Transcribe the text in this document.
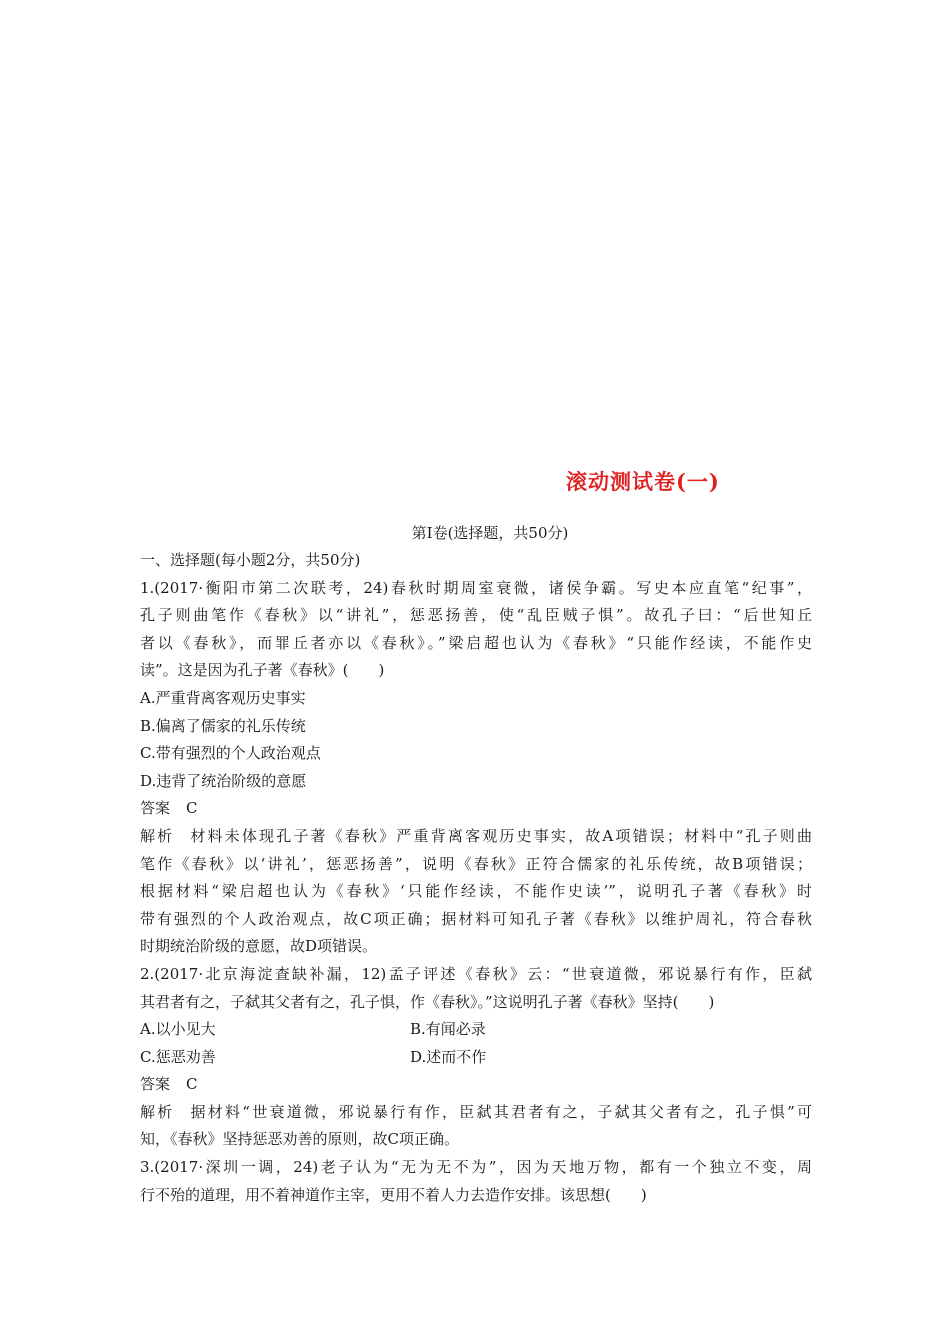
滚动测试卷(一)
第Ⅰ卷(选择题，共50分)
一、选择题(每小题2分，共50分)
1.(2017·衡阳市第二次联考，24)春秋时期周室衰微，诸侯争霸。写史本应直笔“纪事”，
孔子则曲笔作《春秋》以“讲礼”，惩恶扬善，使“乱臣贼子惧”。故孔子曰：“后世知丘
者以《春秋》，而罪丘者亦以《春秋》。”梁启超也认为《春秋》“只能作经读，不能作史
读”。这是因为孔子著《春秋》(　　)
A.严重背离客观历史事实
B.偏离了儒家的礼乐传统
C.带有强烈的个人政治观点
D.违背了统治阶级的意愿
答案 C
解析 材料未体现孔子著《春秋》严重背离客观历史事实，故A项错误；材料中“孔子则曲
笔作《春秋》以‘讲礼’，惩恶扬善”，说明《春秋》正符合儒家的礼乐传统，故B项错误；
根据材料“梁启超也认为《春秋》‘只能作经读，不能作史读’”，说明孔子著《春秋》时
带有强烈的个人政治观点，故C项正确；据材料可知孔子著《春秋》以维护周礼，符合春秋
时期统治阶级的意愿，故D项错误。
2.(2017·北京海淀查缺补漏，12)孟子评述《春秋》云：“世衰道微，邪说暴行有作，臣弑
其君者有之，子弑其父者有之，孔子惧，作《春秋》。”这说明孔子著《春秋》坚持(　　)
A.以小见大	B.有闻必录
C.惩恶劝善	D.述而不作
答案 C
解析 据材料“世衰道微，邪说暴行有作，臣弑其君者有之，子弑其父者有之，孔子惧”可
知，《春秋》坚持惩恶劝善的原则，故C项正确。
3.(2017·深圳一调，24)老子认为“无为无不为”，因为天地万物，都有一个独立不变，周
行不殆的道理，用不着神道作主宰，更用不着人力去造作安排。该思想(　　)
